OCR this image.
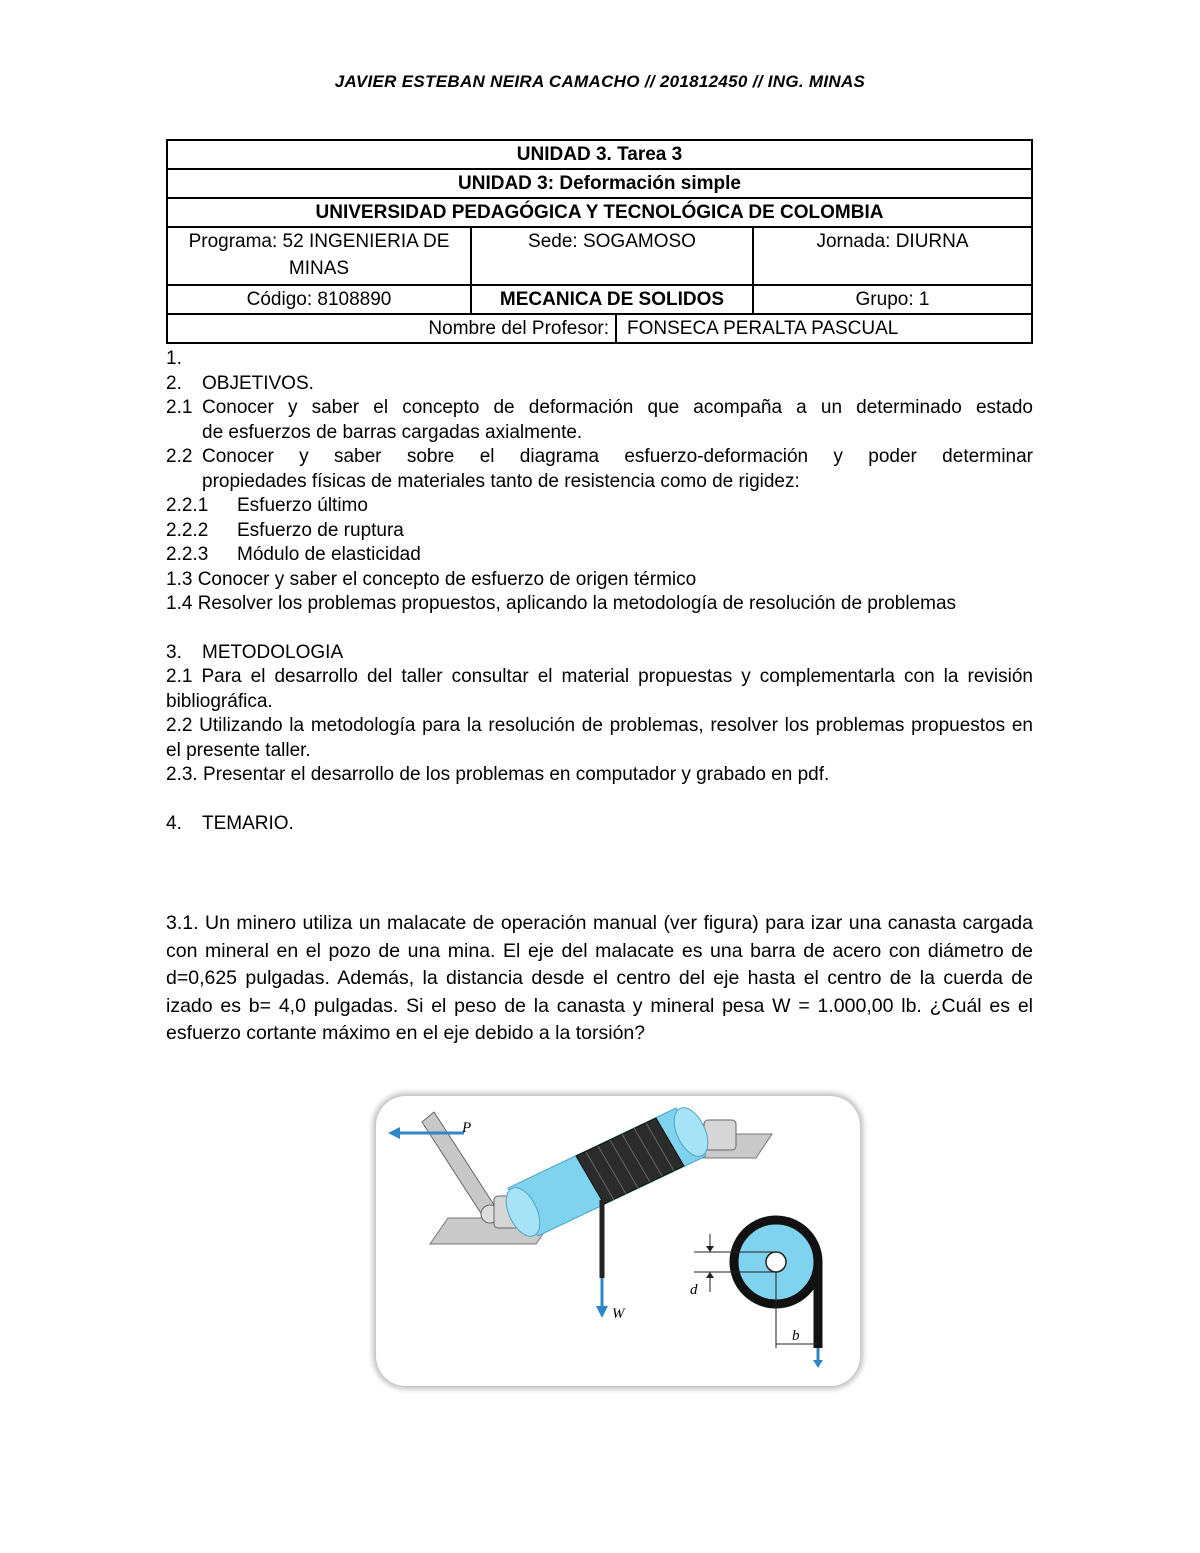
JAVIER ESTEBAN NEIRA CAMACHO // 201812450 // ING. MINAS
UNIDAD 3. Tarea 3		
UNIDAD 3: Deformación simple		
UNIVERSIDAD PEDAGÓGICA Y TECNOLÓGICA DE COLOMBIA		
Programa: 52 INGENIERIA DE MINAS	Sede: SOGAMOSO	Jornada: DIURNA
Código: 8108890	MECANICA DE SOLIDOS	Grupo: 1

Nombre del Profesor: FONSECA PERALTA PASCUAL		
1.
2.	OBJETIVOS.
2.1 Conocer y saber el concepto de deformación que acompaña a un determinado estado
de esfuerzos de barras cargadas axialmente.
2.2 Conocer y saber sobre el diagrama esfuerzo-deformación y poder determinar
propiedades físicas de materiales tanto de resistencia como de rigidez:
2.2.1	Esfuerzo último
2.2.2	Esfuerzo de ruptura
2.2.3	Módulo de elasticidad
1.3 Conocer y saber el concepto de esfuerzo de origen térmico
1.4 Resolver los problemas propuestos, aplicando la metodología de resolución de problemas
3.	METODOLOGIA
2.1 Para el desarrollo del taller consultar el material propuestas y complementarla con la revisión bibliográfica.
2.2 Utilizando la metodología para la resolución de problemas, resolver los problemas propuestos en el presente taller.
2.3. Presentar el desarrollo de los problemas en computador y grabado en pdf.
4.	TEMARIO.
3.1. Un minero utiliza un malacate de operación manual (ver figura) para izar una canasta cargada con mineral en el pozo de una mina. El eje del malacate es una barra de acero con diámetro de d=0,625 pulgadas. Además, la distancia desde el centro del eje hasta el centro de la cuerda de izado es b= 4,0 pulgadas. Si el peso de la canasta y mineral pesa W = 1.000,00 lb. ¿Cuál es el esfuerzo cortante máximo en el eje debido a la torsión?
W
P
d
b
